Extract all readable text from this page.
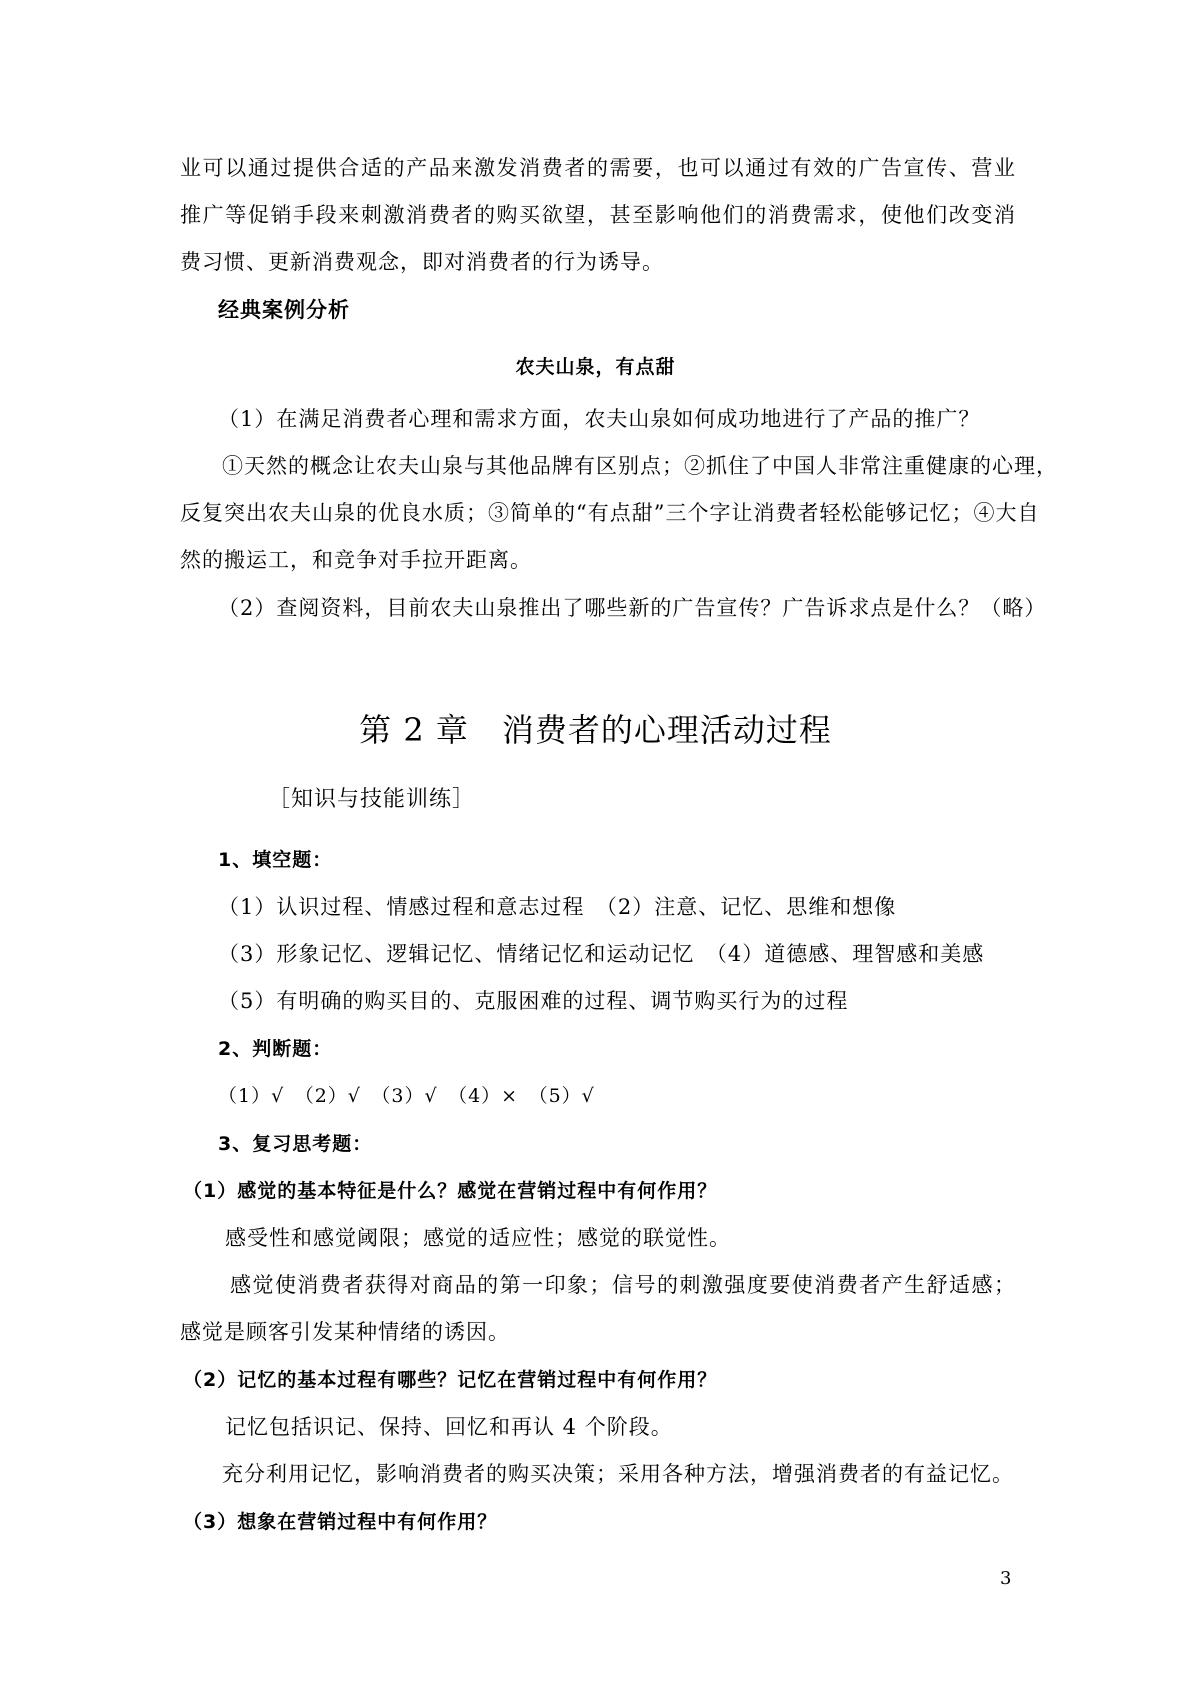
业可以通过提供合适的产品来激发消费者的需要，也可以通过有效的广告宣传、营业
推广等促销手段来刺激消费者的购买欲望，甚至影响他们的消费需求，使他们改变消
费习惯、更新消费观念，即对消费者的行为诱导。
经典案例分析
农夫山泉，有点甜
（1）在满足消费者心理和需求方面，农夫山泉如何成功地进行了产品的推广？
①天然的概念让农夫山泉与其他品牌有区别点；②抓住了中国人非常注重健康的心理，
反复突出农夫山泉的优良水质；③简单的“有点甜”三个字让消费者轻松能够记忆；④大自
然的搬运工，和竞争对手拉开距离。
（2）查阅资料，目前农夫山泉推出了哪些新的广告宣传？广告诉求点是什么？（略）
第 2 章　消费者的心理活动过程
［知识与技能训练］
1、填空题：
（1）认识过程、情感过程和意志过程　（2）注意、记忆、思维和想像
（3）形象记忆、逻辑记忆、情绪记忆和运动记忆　（4）道德感、理智感和美感
（5）有明确的购买目的、克服困难的过程、调节购买行为的过程
2、判断题：
（1）√　（2）√　（3）√　（4）×　（5）√
3、复习思考题：
（1）感觉的基本特征是什么？感觉在营销过程中有何作用？
感受性和感觉阈限；感觉的适应性；感觉的联觉性。
感觉使消费者获得对商品的第一印象；信号的刺激强度要使消费者产生舒适感；
感觉是顾客引发某种情绪的诱因。
（2）记忆的基本过程有哪些？记忆在营销过程中有何作用？
记忆包括识记、保持、回忆和再认 4 个阶段。
充分利用记忆，影响消费者的购买决策；采用各种方法，增强消费者的有益记忆。
（3）想象在营销过程中有何作用？
3
